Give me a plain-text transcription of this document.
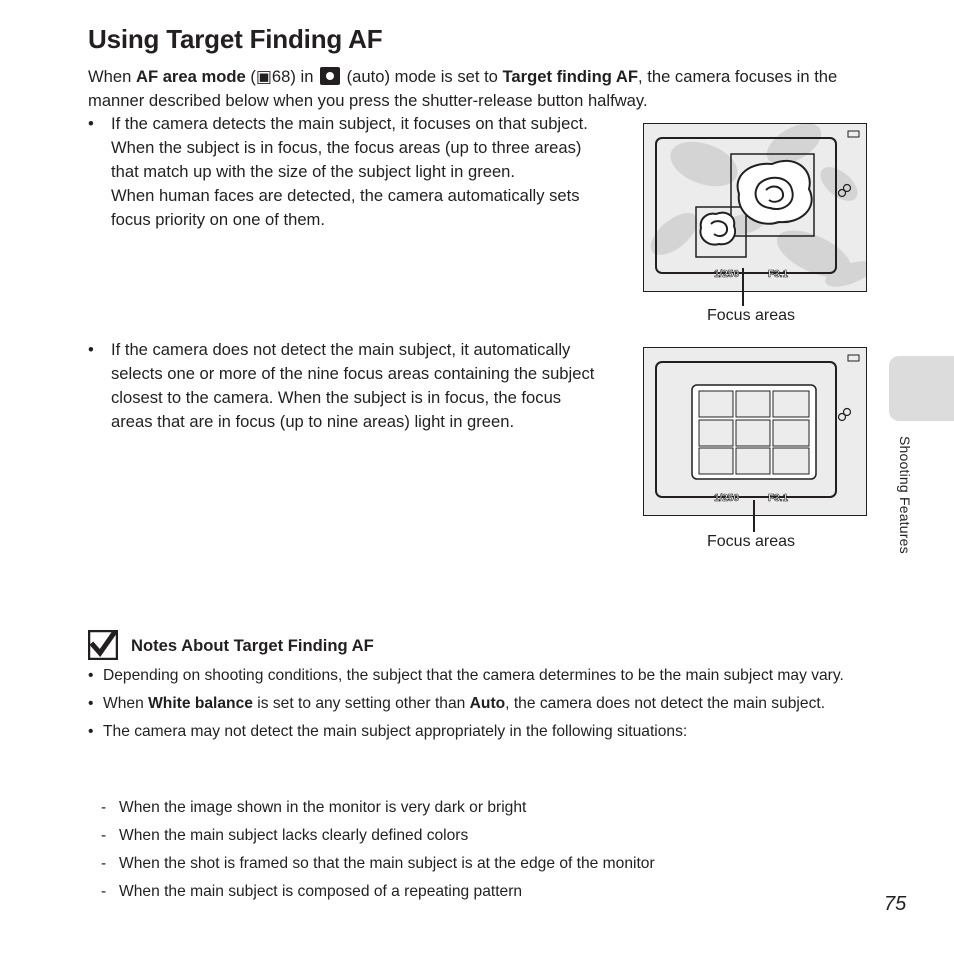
Using Target Finding AF

When AF area mode (▣68) in  (auto) mode is set to Target finding AF, the camera focuses in the manner described below when you press the shutter-release button halfway.

• If the camera detects the main subject, it focuses on that subject. When the subject is in focus, the focus areas (up to three areas) that match up with the size of the subject light in green.

When human faces are detected, the camera automatically sets focus priority on one of them.

• If the camera does not detect the main subject, it automatically selects one or more of the nine focus areas containing the subject closest to the camera. When the subject is in focus, the focus areas that are in focus (up to nine areas) light in green.

1/250	F3.1
Focus areas
1/250	F3.1
Focus areas	Shooting Features
Notes About Target Finding AF
• Depending on shooting conditions, the subject that the camera determines to be the main subject may vary.
• When White balance is set to any setting other than Auto, the camera does not detect the main subject.
• The camera may not detect the main subject appropriately in the following situations:
- When the image shown in the monitor is very dark or bright
- When the main subject lacks clearly defined colors
- When the shot is framed so that the main subject is at the edge of the monitor
- When the main subject is composed of a repeating pattern
75
